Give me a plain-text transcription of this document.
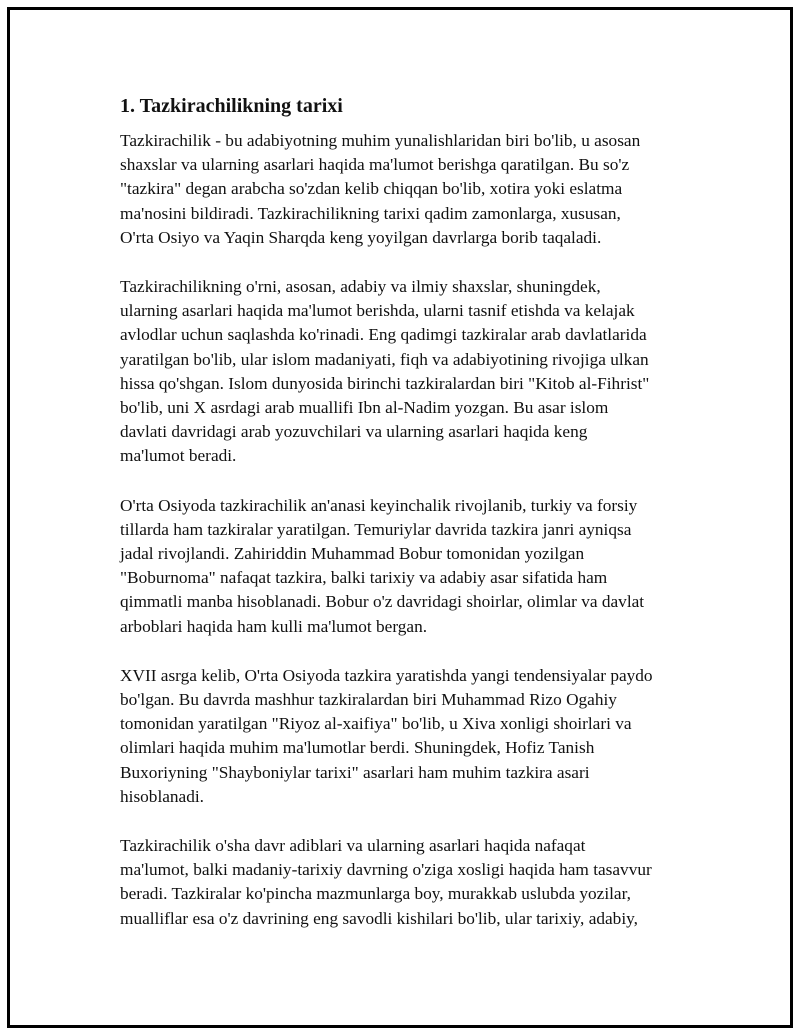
1. Tazkirachilikning tarixi

Tazkirachilik - bu adabiyotning muhim yunalishlaridan biri bo'lib, u asosan
shaxslar va ularning asarlari haqida ma'lumot berishga qaratilgan. Bu so'z
"tazkira" degan arabcha so'zdan kelib chiqqan bo'lib, xotira yoki eslatma
ma'nosini bildiradi. Tazkirachilikning tarixi qadim zamonlarga, xususan,
O'rta Osiyo va Yaqin Sharqda keng yoyilgan davrlarga borib taqaladi.

Tazkirachilikning o'rni, asosan, adabiy va ilmiy shaxslar, shuningdek,
ularning asarlari haqida ma'lumot berishda, ularni tasnif etishda va kelajak
avlodlar uchun saqlashda ko'rinadi. Eng qadimgi tazkiralar arab davlatlarida
yaratilgan bo'lib, ular islom madaniyati, fiqh va adabiyotining rivojiga ulkan
hissa qo'shgan. Islom dunyosida birinchi tazkiralardan biri "Kitob al-Fihrist"
bo'lib, uni X asrdagi arab muallifi Ibn al-Nadim yozgan. Bu asar islom
davlati davridagi arab yozuvchilari va ularning asarlari haqida keng
ma'lumot beradi.

O'rta Osiyoda tazkirachilik an'anasi keyinchalik rivojlanib, turkiy va forsiy
tillarda ham tazkiralar yaratilgan. Temuriylar davrida tazkira janri ayniqsa
jadal rivojlandi. Zahiriddin Muhammad Bobur tomonidan yozilgan
"Boburnoma" nafaqat tazkira, balki tarixiy va adabiy asar sifatida ham
qimmatli manba hisoblanadi. Bobur o'z davridagi shoirlar, olimlar va davlat
arboblari haqida ham kulli ma'lumot bergan.

XVII asrga kelib, O'rta Osiyoda tazkira yaratishda yangi tendensiyalar paydo
bo'lgan. Bu davrda mashhur tazkiralardan biri Muhammad Rizo Ogahiy
tomonidan yaratilgan "Riyoz al-xaifiya" bo'lib, u Xiva xonligi shoirlari va
olimlari haqida muhim ma'lumotlar berdi. Shuningdek, Hofiz Tanish
Buxoriyning "Shayboniylar tarixi" asarlari ham muhim tazkira asari
hisoblanadi.

Tazkirachilik o'sha davr adiblari va ularning asarlari haqida nafaqat
ma'lumot, balki madaniy-tarixiy davrning o'ziga xosligi haqida ham tasavvur
beradi. Tazkiralar ko'pincha mazmunlarga boy, murakkab uslubda yozilar,
mualliflar esa o'z davrining eng savodli kishilari bo'lib, ular tarixiy, adabiy,
